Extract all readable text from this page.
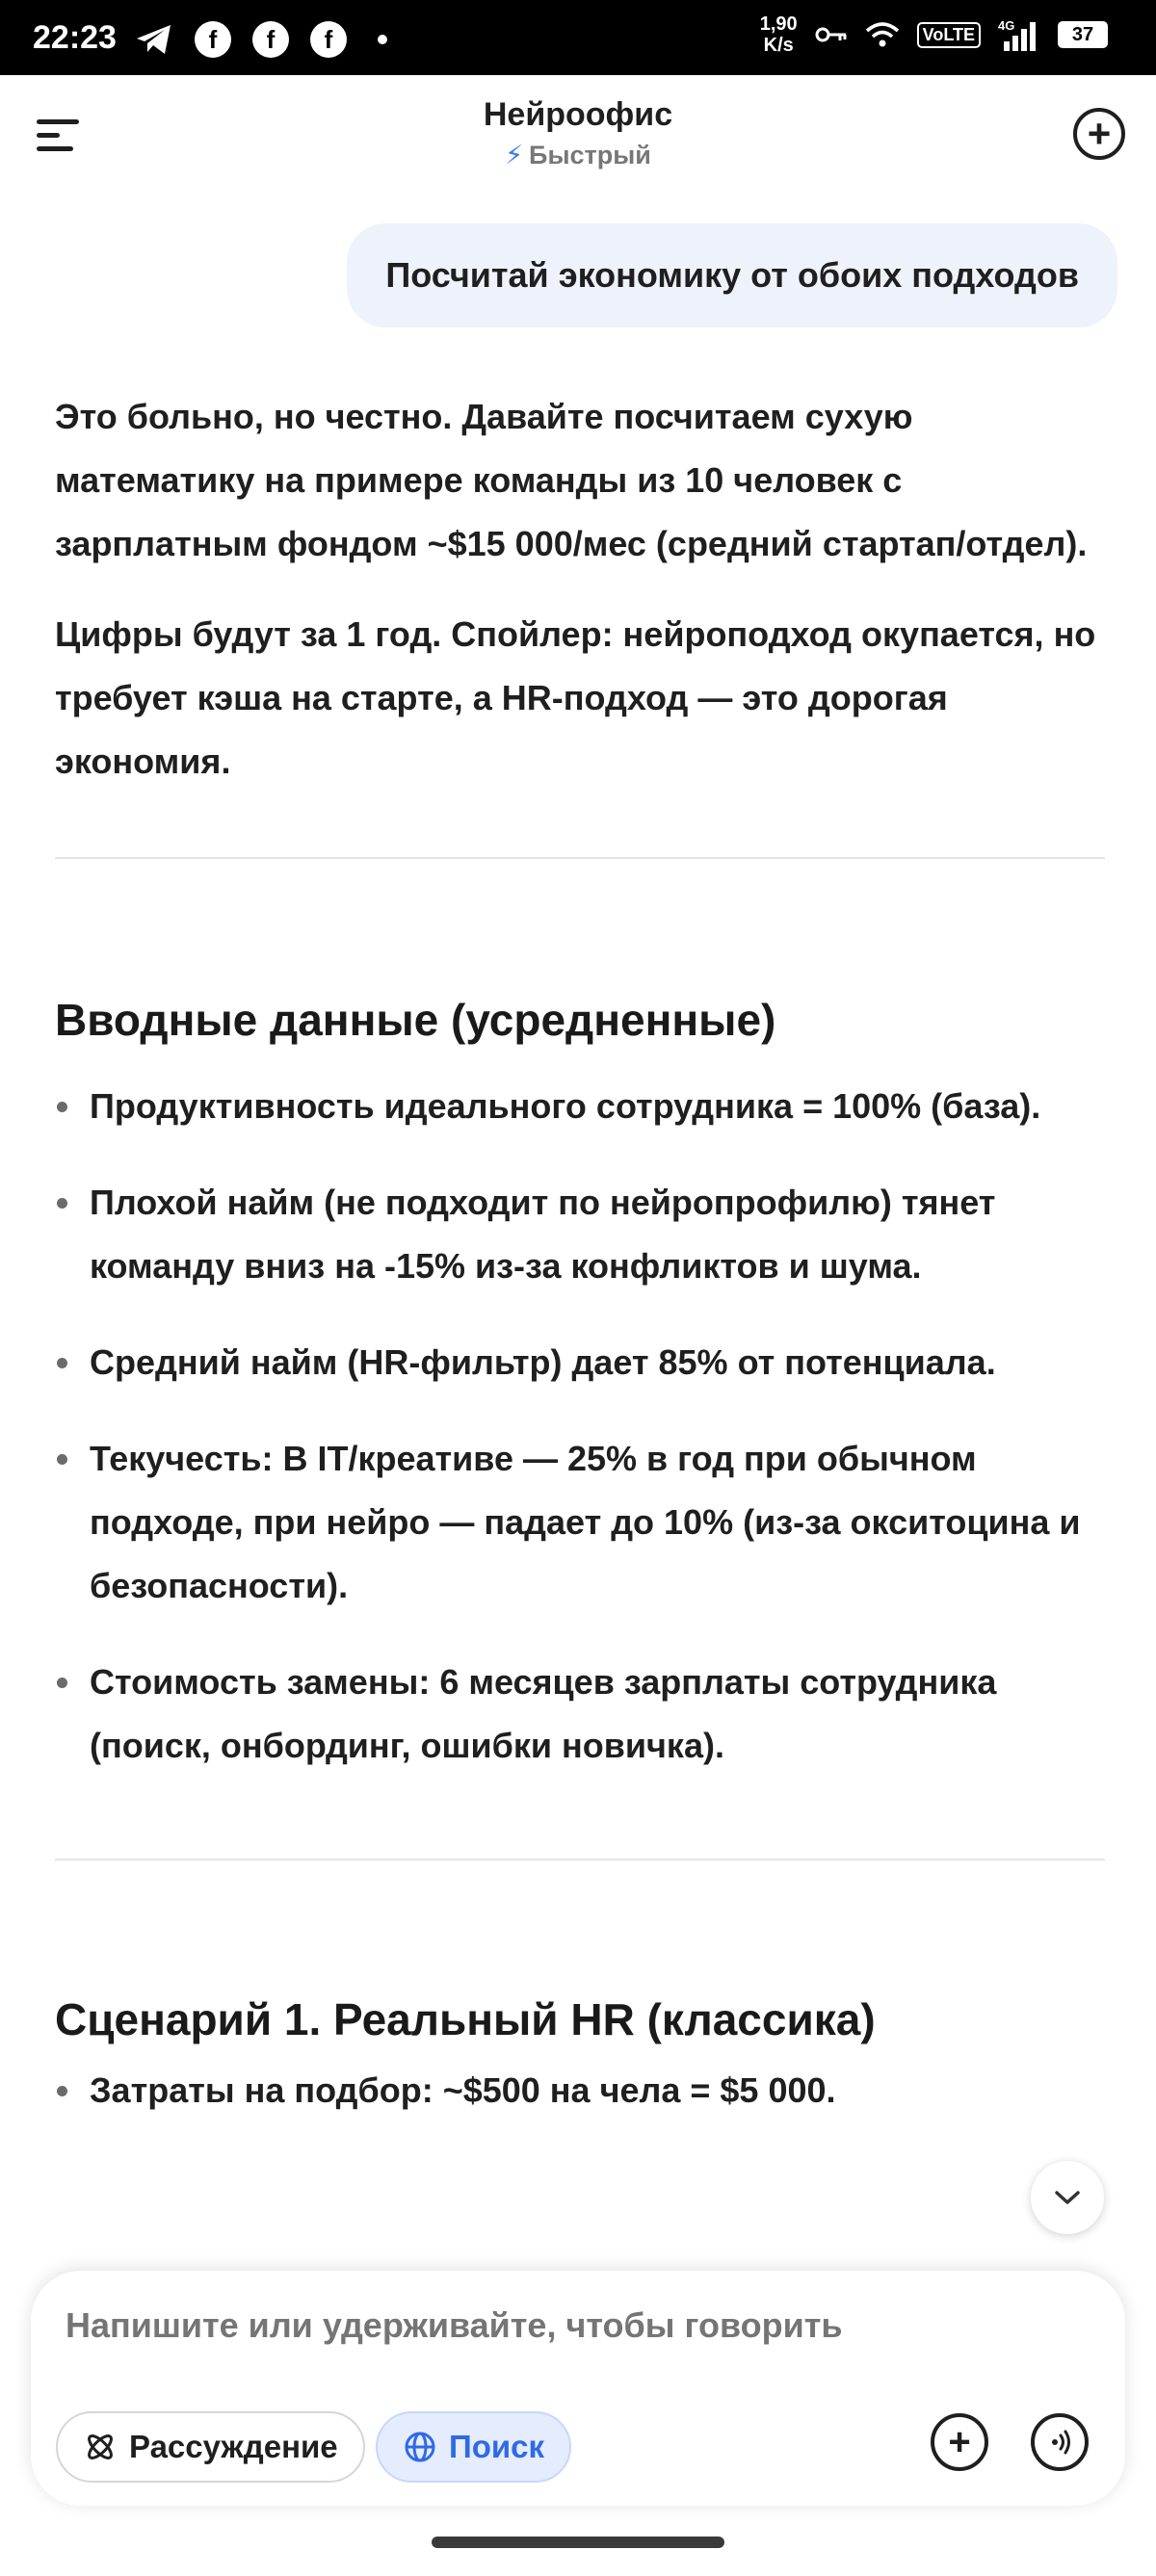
22:23	f	f	f
1,90
K/s
VoLTE	4G	37
Нейроофис
⚡ Быстрый	+
Посчитай экономику от обоих подходов

Это больно, но честно. Давайте посчитаем сухую математику на примере команды из 10 человек с зарплатным фондом ~$15 000/мес (средний стартап/отдел).

Цифры будут за 1 год. Спойлер: нейроподход окупается, но требует кэша на старте, а HR-подход — это дорогая экономия.

Вводные данные (усредненные)
Продуктивность идеального сотрудника = 100% (база).
Плохой найм (не подходит по нейропрофилю) тянет команду вниз на -15% из-за конфликтов и шума.
Средний найм (HR-фильтр) дает 85% от потенциала.
Текучесть: В IT/креативе — 25% в год при обычном подходе, при нейро — падает до 10% (из-за окситоцина и безопасности).
Стоимость замены: 6 месяцев зарплаты сотрудника (поиск, онбординг, ошибки новичка).
Сценарий 1. Реальный HR (классика)
Затраты на подбор: ~$500 на чела = $5 000.
Напишите или удерживайте, чтобы говорить
Рассуждение	Поиск	+
